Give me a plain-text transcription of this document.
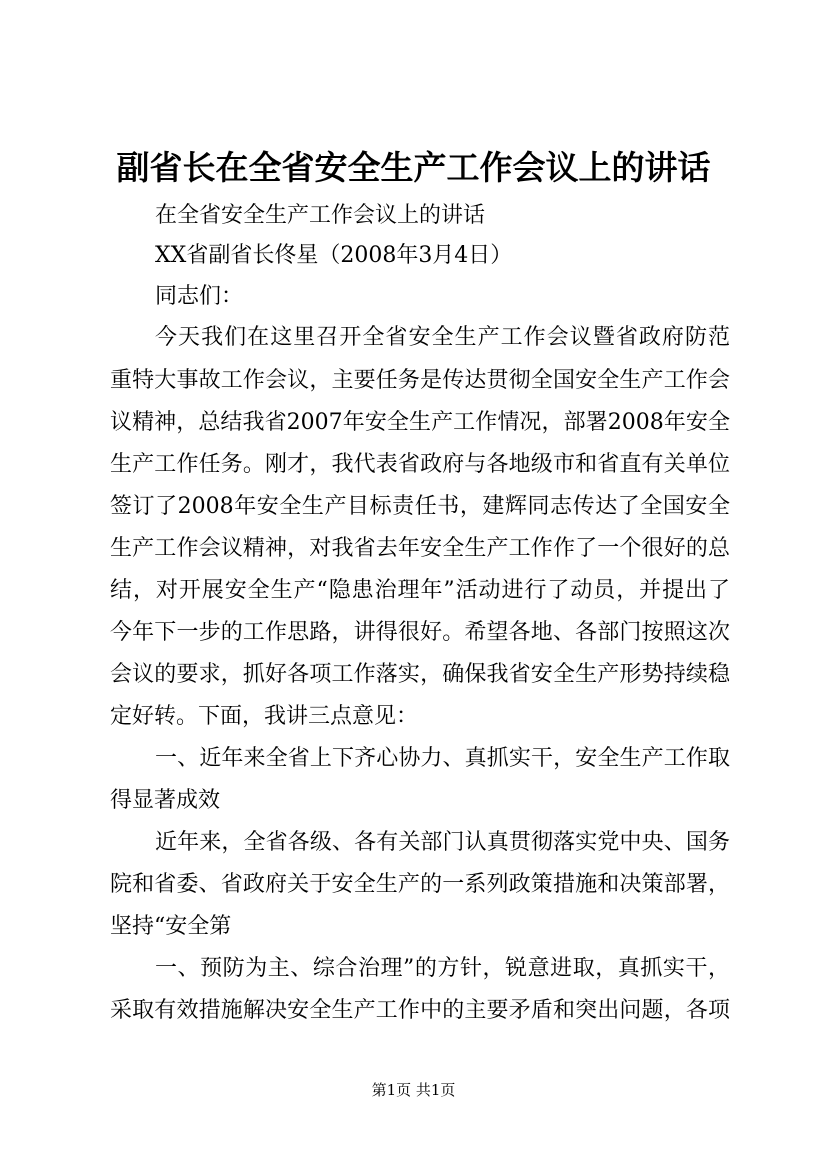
副省长在全省安全生产工作会议上的讲话
在全省安全生产工作会议上的讲话
XX省副省长佟星（2008年3月4日）
同志们：
今天我们在这里召开全省安全生产工作会议暨省政府防范
重特大事故工作会议，主要任务是传达贯彻全国安全生产工作会
议精神，总结我省2007年安全生产工作情况，部署2008年安全
生产工作任务。刚才，我代表省政府与各地级市和省直有关单位
签订了2008年安全生产目标责任书，建辉同志传达了全国安全
生产工作会议精神，对我省去年安全生产工作作了一个很好的总
结，对开展安全生产“隐患治理年”活动进行了动员，并提出了
今年下一步的工作思路，讲得很好。希望各地、各部门按照这次
会议的要求，抓好各项工作落实，确保我省安全生产形势持续稳
定好转。下面，我讲三点意见：
一、近年来全省上下齐心协力、真抓实干，安全生产工作取
得显著成效
近年来，全省各级、各有关部门认真贯彻落实党中央、国务
院和省委、省政府关于安全生产的一系列政策措施和决策部署，
坚持“安全第
一、预防为主、综合治理”的方针，锐意进取，真抓实干，
采取有效措施解决安全生产工作中的主要矛盾和突出问题，各项
第1页 共1页
